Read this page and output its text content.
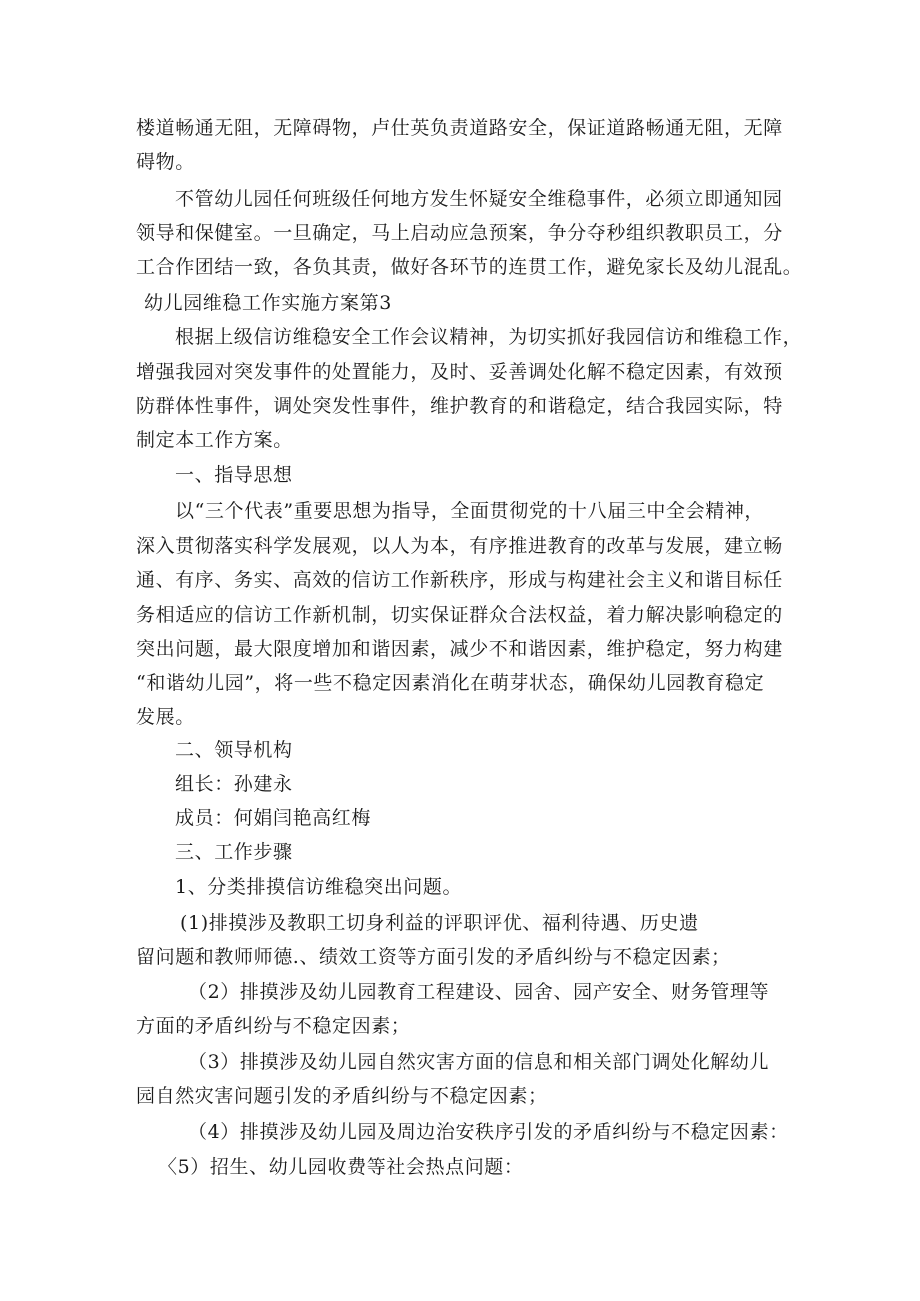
楼道畅通无阻，无障碍物，卢仕英负责道路安全，保证道路畅通无阻，无障
碍物。
不管幼儿园任何班级任何地方发生怀疑安全维稳事件，必须立即通知园
领导和保健室。一旦确定，马上启动应急预案，争分夺秒组织教职员工，分
工合作团结一致，各负其责，做好各环节的连贯工作，避免家长及幼儿混乱。
幼儿园维稳工作实施方案第3
根据上级信访维稳安全工作会议精神，为切实抓好我园信访和维稳工作，
增强我园对突发事件的处置能力，及时、妥善调处化解不稳定因素，有效预
防群体性事件，调处突发性事件，维护教育的和谐稳定，结合我园实际，特
制定本工作方案。
一、指导思想
以“三个代表”重要思想为指导，全面贯彻党的十八届三中全会精神，
深入贯彻落实科学发展观，以人为本，有序推进教育的改革与发展，建立畅
通、有序、务实、高效的信访工作新秩序，形成与构建社会主义和谐目标任
务相适应的信访工作新机制，切实保证群众合法权益，着力解决影响稳定的
突出问题，最大限度增加和谐因素，减少不和谐因素，维护稳定，努力构建
“和谐幼儿园”，将一些不稳定因素消化在萌芽状态，确保幼儿园教育稳定
发展。
二、领导机构
组长：孙建永
成员：何娟闫艳高红梅
三、工作步骤
1、分类排摸信访维稳突出问题。
(1)排摸涉及教职工切身利益的评职评优、福利待遇、历史遗
留问题和教师师德.、绩效工资等方面引发的矛盾纠纷与不稳定因素；
（2）排摸涉及幼儿园教育工程建设、园舍、园产安全、财务管理等
方面的矛盾纠纷与不稳定因素；
（3）排摸涉及幼儿园自然灾害方面的信息和相关部门调处化解幼儿
园自然灾害问题引发的矛盾纠纷与不稳定因素；
（4）排摸涉及幼儿园及周边治安秩序引发的矛盾纠纷与不稳定因素：
〈5）招生、幼儿园收费等社会热点问题：
